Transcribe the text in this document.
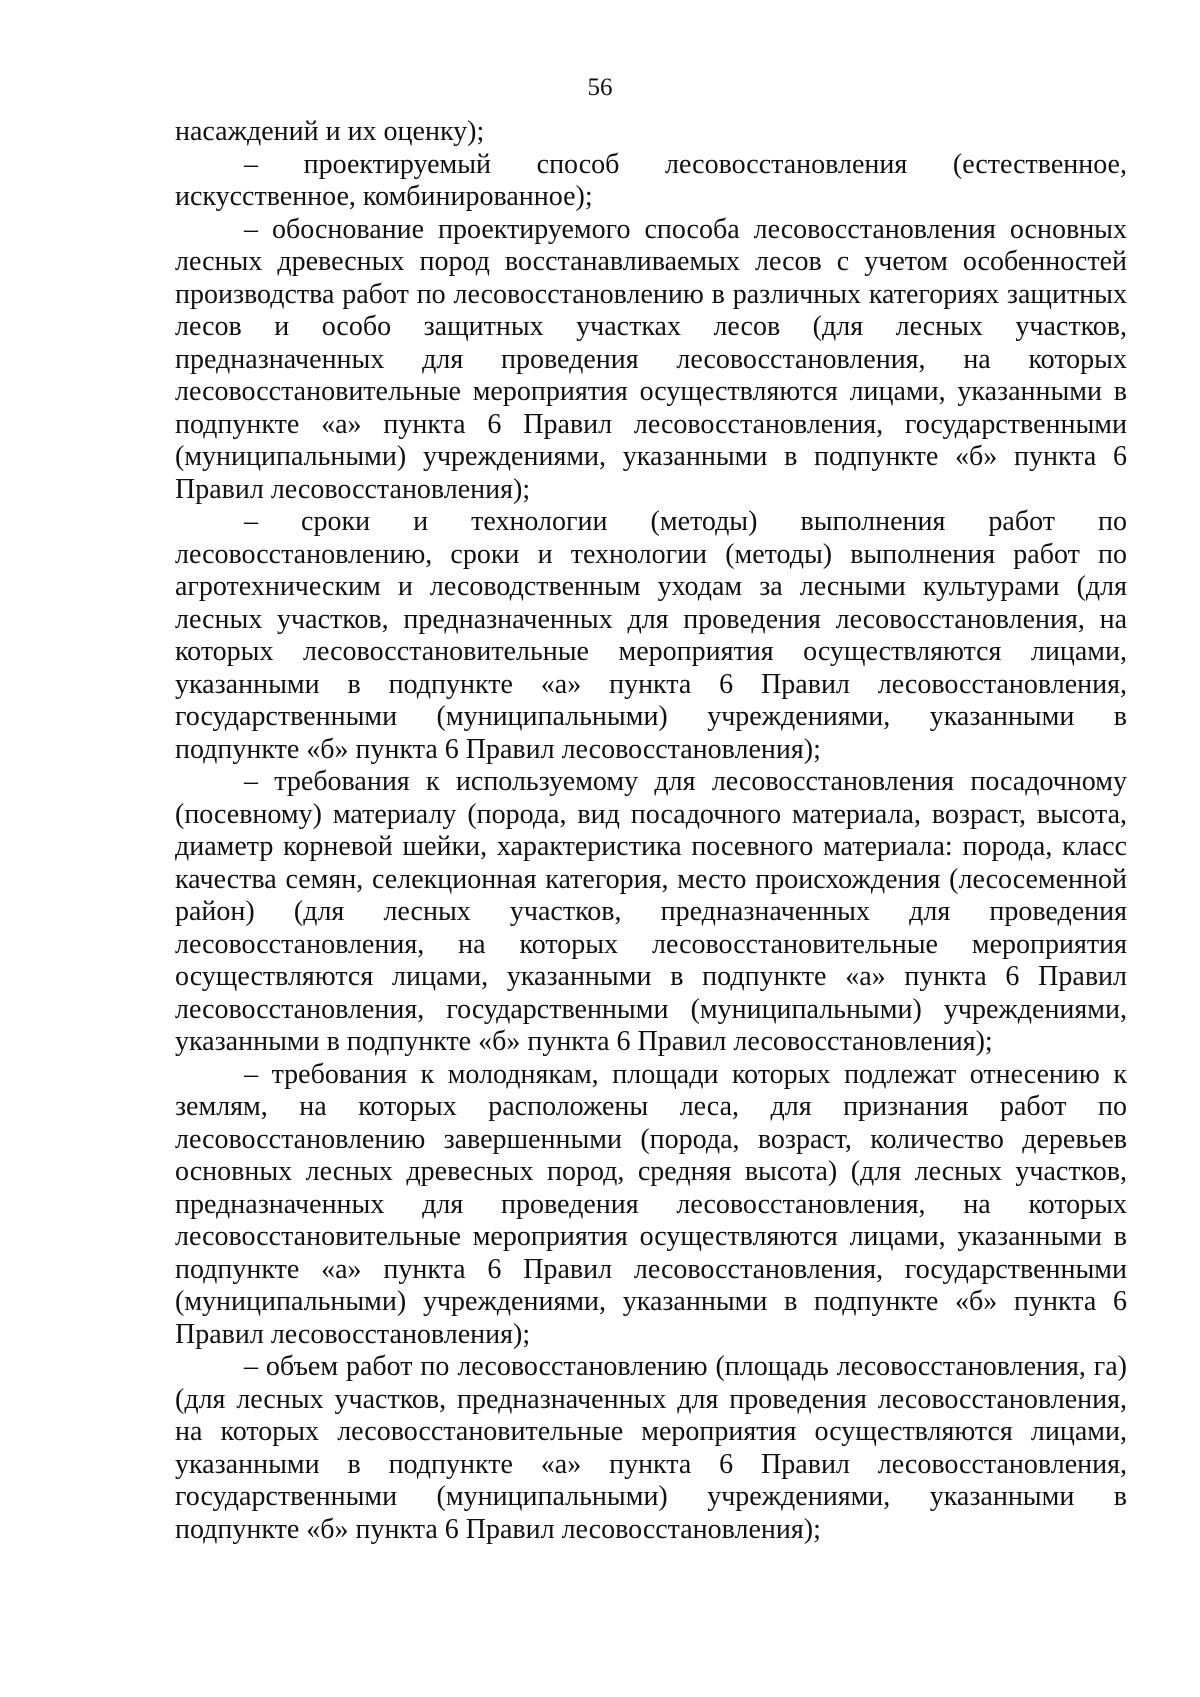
56

насаждений и их оценку);

– проектируемый способ лесовосстановления (естественное, искусственное, комбинированное);

– обоснование проектируемого способа лесовосстановления основных лесных древесных пород восстанавливаемых лесов с учетом особенностей производства работ по лесовосстановлению в различных категориях защитных лесов и особо защитных участках лесов (для лесных участков, предназначенных для проведения лесовосстановления, на которых лесовосстановительные мероприятия осуществляются лицами, указанными в подпункте «а» пункта 6 Правил лесовосстановления, государственными (муниципальными) учреждениями, указанными в подпункте «б» пункта 6 Правил лесовосстановления);

– сроки и технологии (методы) выполнения работ по лесовосстановлению, сроки и технологии (методы) выполнения работ по агротехническим и лесоводственным уходам за лесными культурами (для лесных участков, предназначенных для проведения лесовосстановления, на которых лесовосстановительные мероприятия осуществляются лицами, указанными в подпункте «а» пункта 6 Правил лесовосстановления, государственными (муниципальными) учреждениями, указанными в подпункте «б» пункта 6 Правил лесовосстановления);

– требования к используемому для лесовосстановления посадочному (посевному) материалу (порода, вид посадочного материала, возраст, высота, диаметр корневой шейки, характеристика посевного материала: порода, класс качества семян, селекционная категория, место происхождения (лесосеменной район) (для лесных участков, предназначенных для проведения лесовосстановления, на которых лесовосстановительные мероприятия осуществляются лицами, указанными в подпункте «а» пункта 6 Правил лесовосстановления, государственными (муниципальными) учреждениями, указанными в подпункте «б» пункта 6 Правил лесовосстановления);

– требования к молоднякам, площади которых подлежат отнесению к землям, на которых расположены леса, для признания работ по лесовосстановлению завершенными (порода, возраст, количество деревьев основных лесных древесных пород, средняя высота) (для лесных участков, предназначенных для проведения лесовосстановления, на которых лесовосстановительные мероприятия осуществляются лицами, указанными в подпункте «а» пункта 6 Правил лесовосстановления, государственными (муниципальными) учреждениями, указанными в подпункте «б» пункта 6 Правил лесовосстановления);

– объем работ по лесовосстановлению (площадь лесовосстановления, га) (для лесных участков, предназначенных для проведения лесовосстановления, на которых лесовосстановительные мероприятия осуществляются лицами, указанными в подпункте «а» пункта 6 Правил лесовосстановления, государственными (муниципальными) учреждениями, указанными в подпункте «б» пункта 6 Правил лесовосстановления);
